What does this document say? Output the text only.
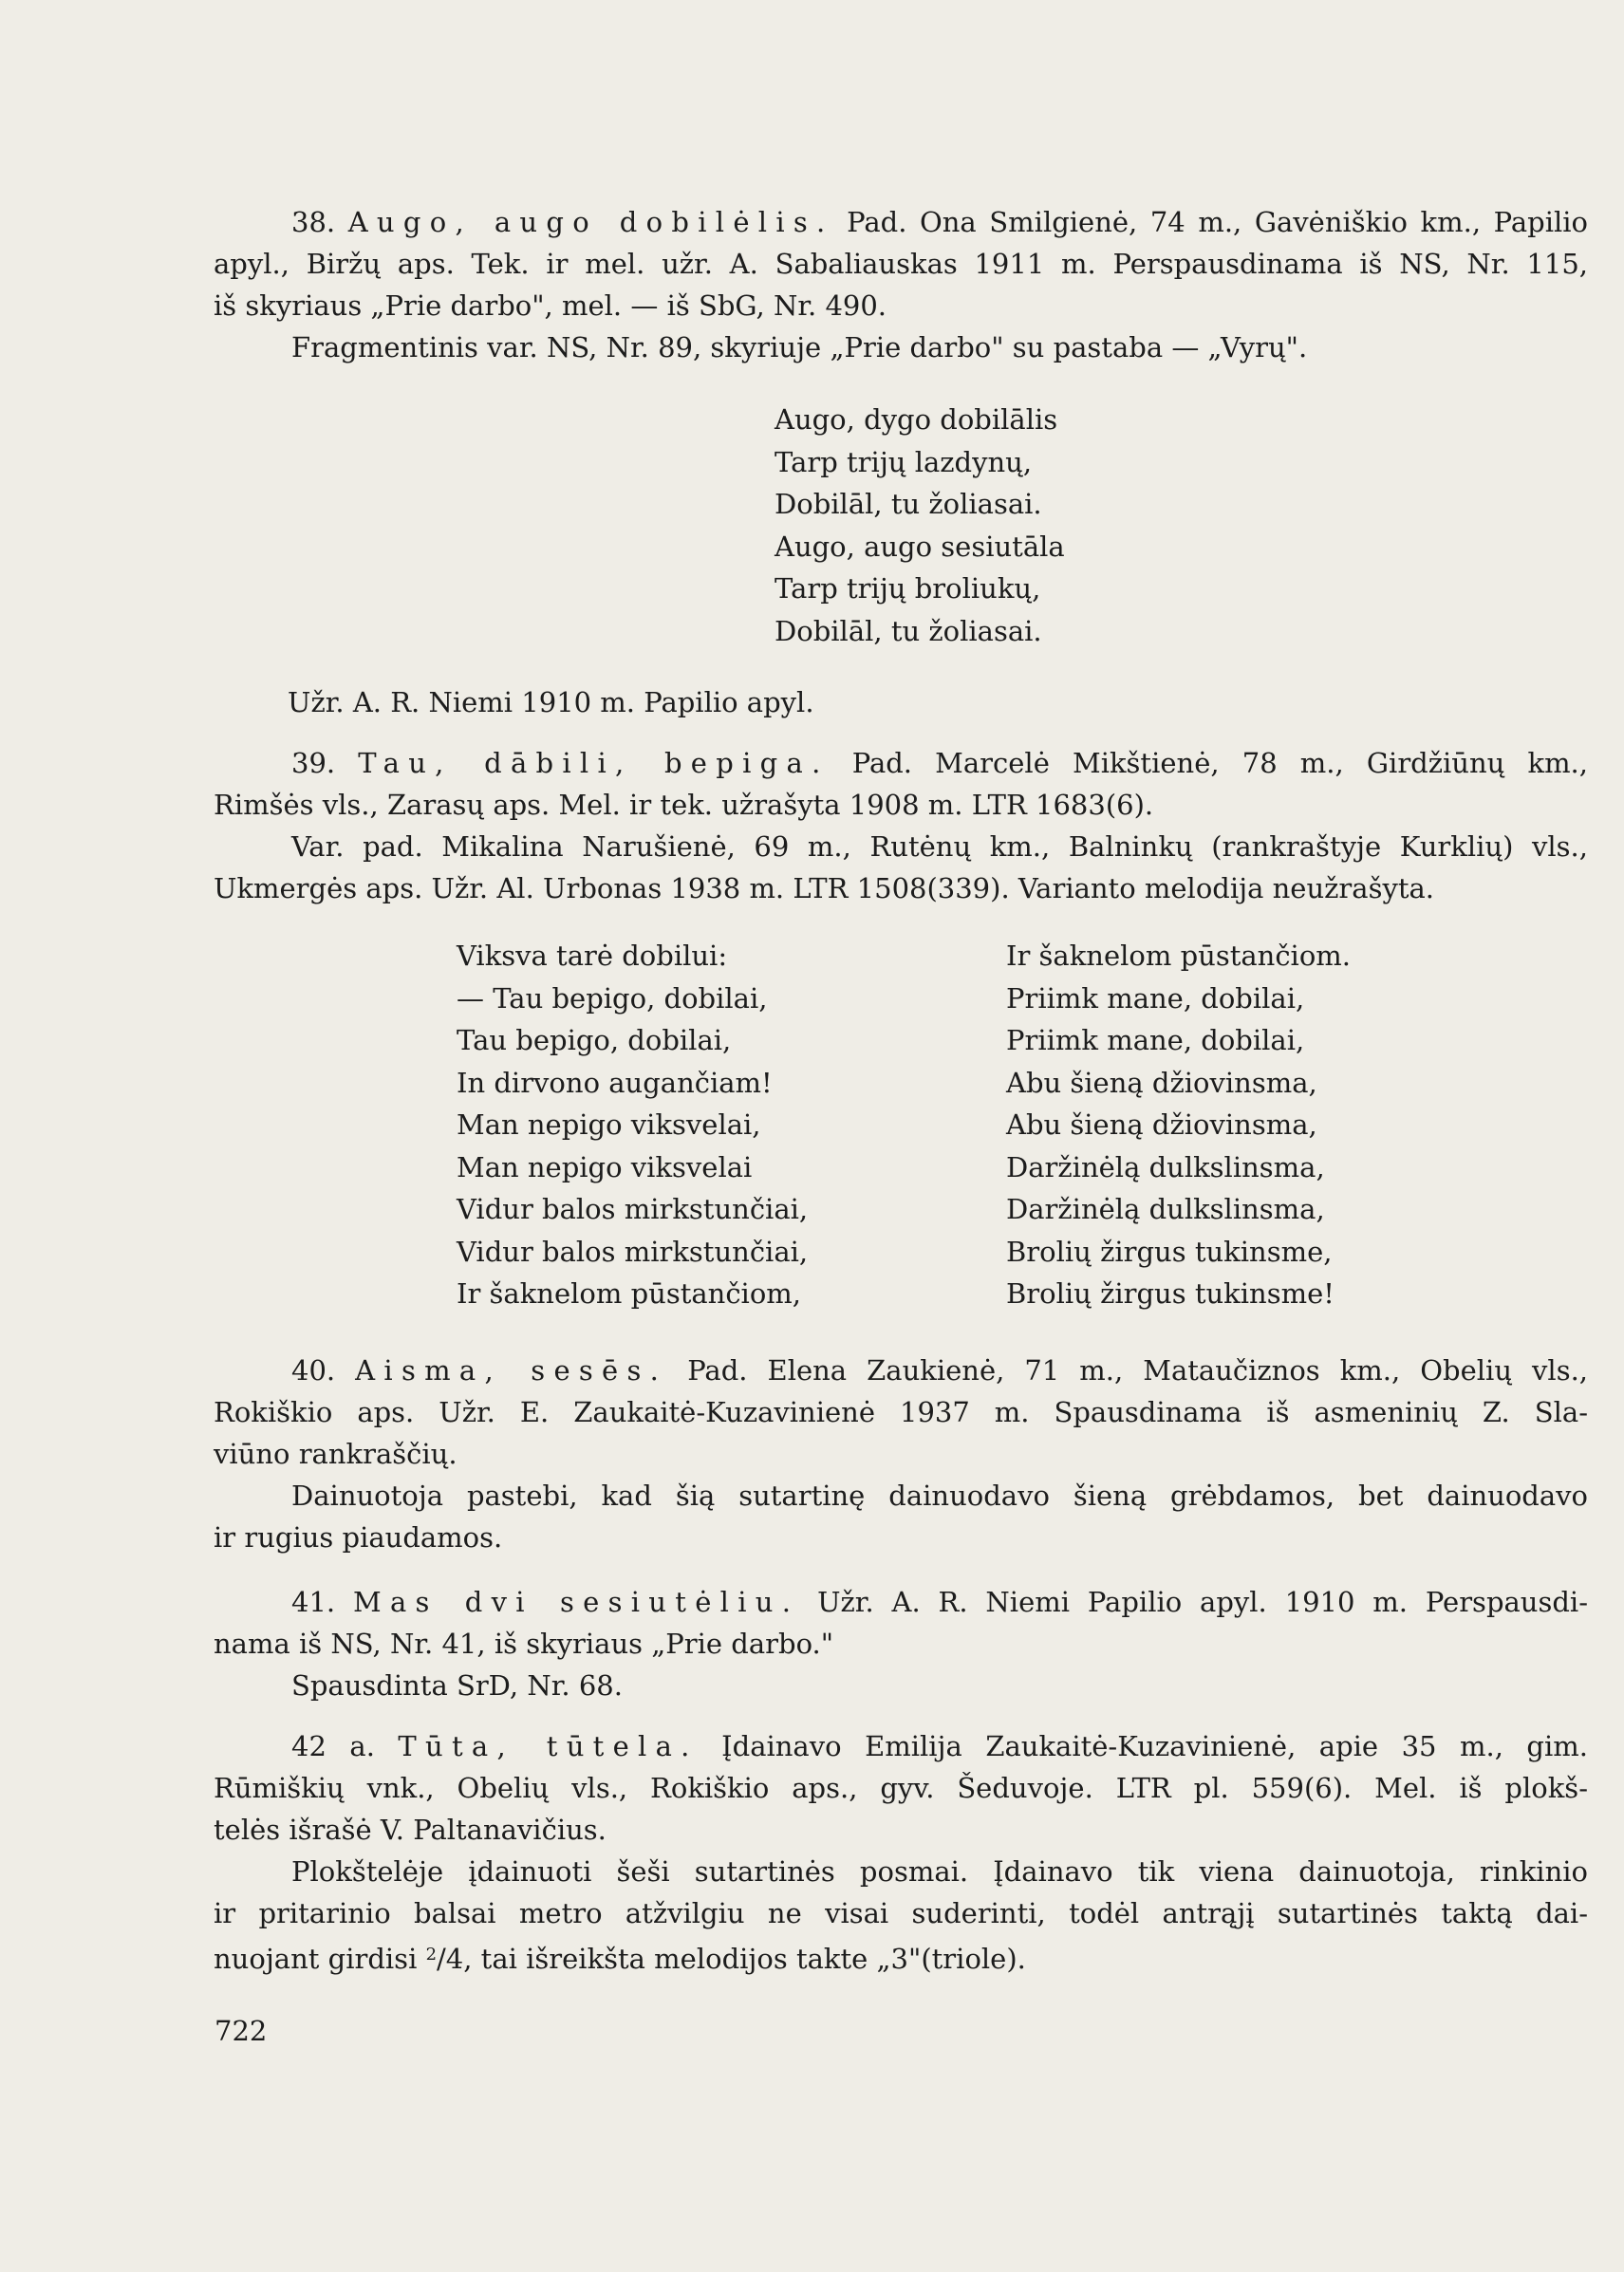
38. Augo, augo dobilėlis. Pad. Ona Smilgienė, 74 m., Gavėniškio km., Papilio
apyl., Biržų aps. Tek. ir mel. užr. A. Sabaliauskas 1911 m. Perspausdinama iš NS, Nr. 115,
iš skyriaus „Prie darbo", mel. — iš SbG, Nr. 490.
Fragmentinis var. NS, Nr. 89, skyriuje „Prie darbo" su pastaba — „Vyrų".
Augo, dygo dobilālis
Tarp trijų lazdynų,
Dobilāl, tu žoliasai.
Augo, augo sesiutāla
Tarp trijų broliukų,
Dobilāl, tu žoliasai.
Užr. A. R. Niemi 1910 m. Papilio apyl.
39. Tau, dābili, bepiga. Pad. Marcelė Mikštienė, 78 m., Girdžiūnų km.,
Rimšės vls., Zarasų aps. Mel. ir tek. užrašyta 1908 m. LTR 1683(6).
Var. pad. Mikalina Narušienė, 69 m., Rutėnų km., Balninkų (rankraštyje Kurklių) vls.,
Ukmergės aps. Užr. Al. Urbonas 1938 m. LTR 1508(339). Varianto melodija neužrašyta.
Viksva tarė dobilui:
— Tau bepigo, dobilai,
Tau bepigo, dobilai,
In dirvono augančiam!
Man nepigo viksvelai,
Man nepigo viksvelai
Vidur balos mirkstunčiai,
Vidur balos mirkstunčiai,
Ir šaknelom pūstančiom,
Ir šaknelom pūstančiom.
Priimk mane, dobilai,
Priimk mane, dobilai,
Abu šieną džiovinsma,
Abu šieną džiovinsma,
Daržinėlą dulkslinsma,
Daržinėlą dulkslinsma,
Brolių žirgus tukinsme,
Brolių žirgus tukinsme!
40. Aisma, sesēs. Pad. Elena Zaukienė, 71 m., Mataučiznos km., Obelių vls.,
Rokiškio aps. Užr. E. Zaukaitė-Kuzavinienė 1937 m. Spausdinama iš asmeninių Z. Sla-
viūno rankraščių.
Dainuotoja pastebi, kad šią sutartinę dainuodavo šieną grėbdamos, bet dainuodavo
ir rugius piaudamos.
41. Mas dvi sesiutėliu. Užr. A. R. Niemi Papilio apyl. 1910 m. Perspausdi-
nama iš NS, Nr. 41, iš skyriaus „Prie darbo."
Spausdinta SrD, Nr. 68.
42 a. Tūta, tūtela. Įdainavo Emilija Zaukaitė-Kuzavinienė, apie 35 m., gim.
Rūmiškių vnk., Obelių vls., Rokiškio aps., gyv. Šeduvoje. LTR pl. 559(6). Mel. iš plokš-
telės išrašė V. Paltanavičius.
Plokštelėje įdainuoti šeši sutartinės posmai. Įdainavo tik viena dainuotoja, rinkinio
ir pritarinio balsai metro atžvilgiu ne visai suderinti, todėl antrąjį sutartinės taktą dai-
nuojant girdisi $^2$/4, tai išreikšta melodijos takte „3"(triole).
722
